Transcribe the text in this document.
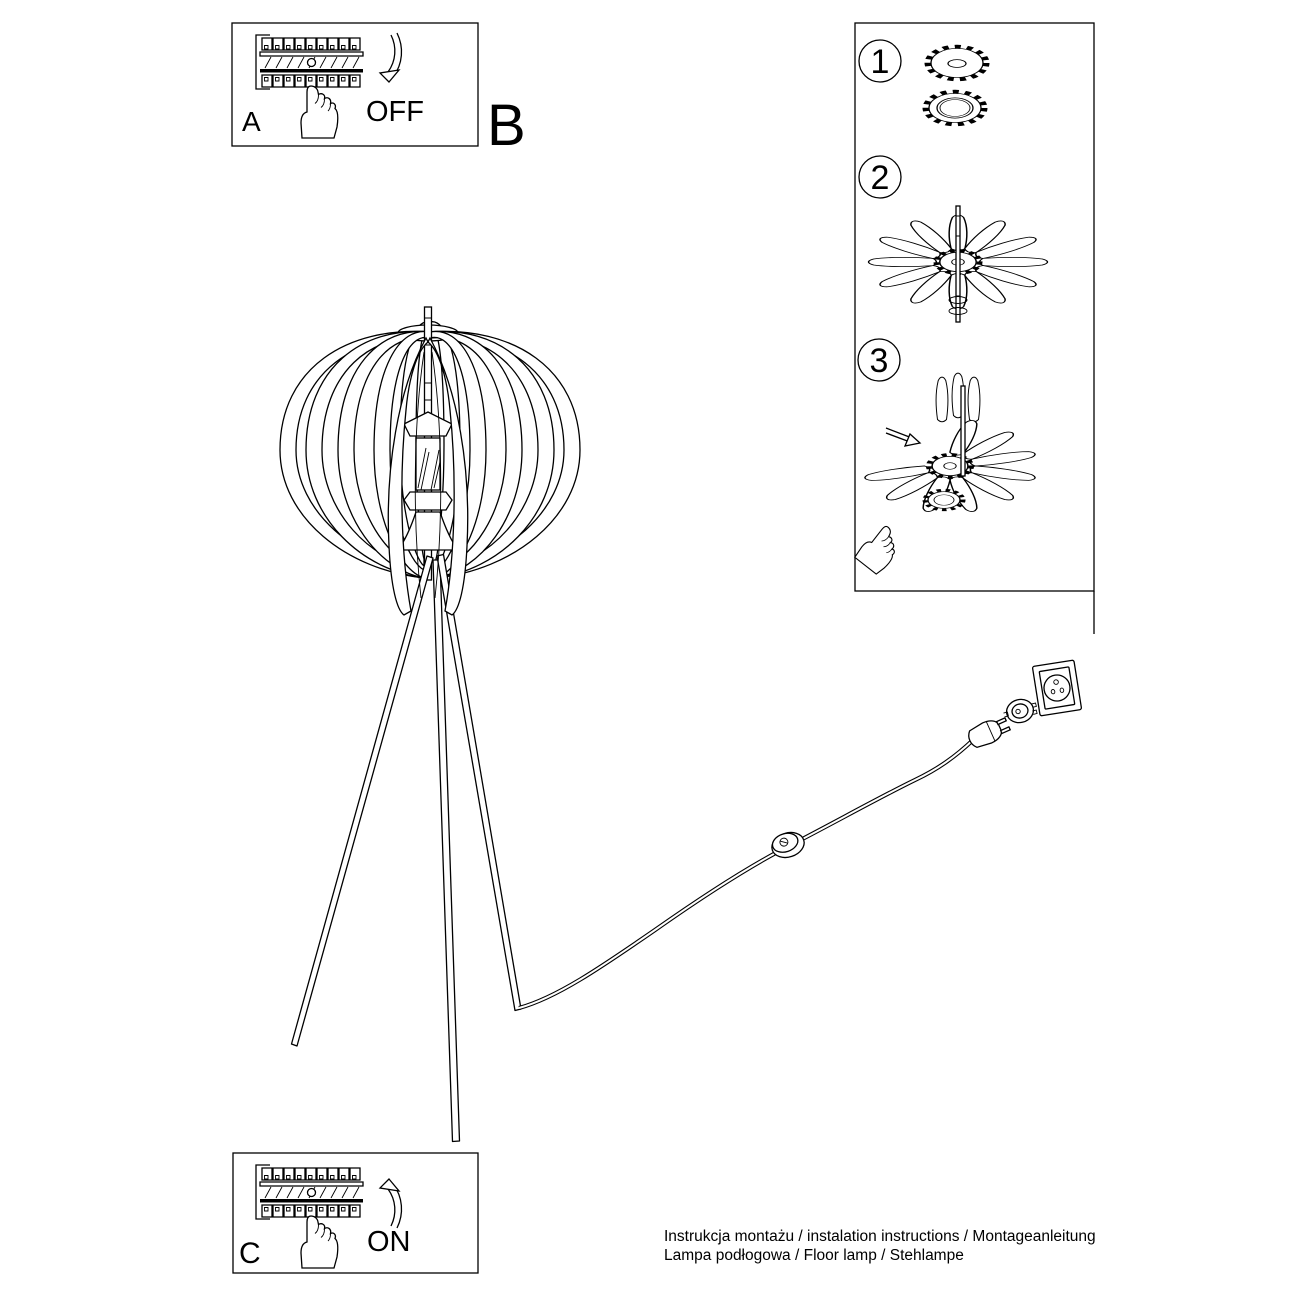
A	OFF B
1
2
3
C	ON	Instrukcja montażu / instalation instructions / Montageanleitung
Lampa podłogowa / Floor lamp / Stehlampe
